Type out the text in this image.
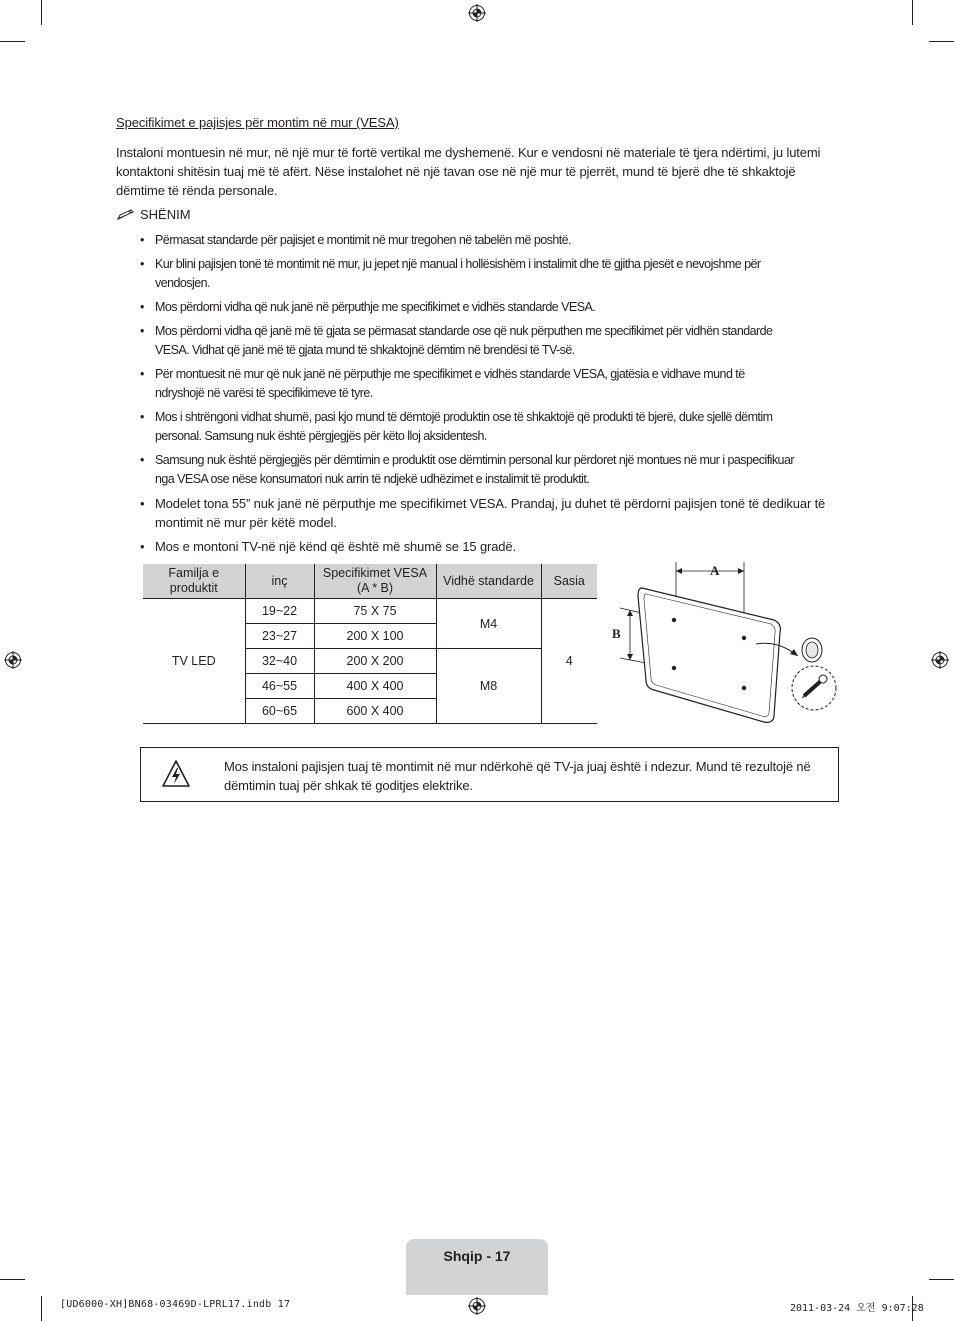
Specifikimet e pajisjes për montim në mur (VESA)
Instaloni montuesin në mur, në një mur të fortë vertikal me dyshemenë. Kur e vendosni në materiale të tjera ndërtimi, ju lutemi kontaktoni shitësin tuaj më të afërt. Nëse instalohet në një tavan ose në një mur të pjerrët, mund të bjerë dhe të shkaktojë dëmtime të rënda personale.
SHËNIM
• Përmasat standarde për pajisjet e montimit në mur tregohen në tabelën më poshtë.
• Kur blini pajisjen tonë të montimit në mur, ju jepet një manual i hollësishëm i instalimit dhe të gjitha pjesët e nevojshme për vendosjen.
• Mos përdorni vidha që nuk janë në përputhje me specifikimet e vidhës standarde VESA.
• Mos përdorni vidha që janë më të gjata se përmasat standarde ose që nuk përputhen me specifikimet për vidhën standarde VESA. Vidhat që janë më të gjata mund të shkaktojnë dëmtim në brendësi të TV-së.
• Për montuesit në mur që nuk janë në përputhje me specifikimet e vidhës standarde VESA, gjatësia e vidhave mund të ndryshojë në varësi të specifikimeve të tyre.
• Mos i shtrëngoni vidhat shumë, pasi kjo mund të dëmtojë produktin ose të shkaktojë që produkti të bjerë, duke sjellë dëmtim personal. Samsung nuk është përgjegjës për këto lloj aksidentesh.
• Samsung nuk është përgjegjës për dëmtimin e produktit ose dëmtimin personal kur përdoret një montues në mur i paspecifikuar nga VESA ose nëse konsumatori nuk arrin të ndjekë udhëzimet e instalimit të produktit.
• Modelet tona 55” nuk janë në përputhje me specifikimet VESA. Prandaj, ju duhet të përdorni pajisjen tonë të dedikuar të montimit në mur për këtë model.
• Mos e montoni TV-në një kënd që është më shumë se 15 gradë.
Familja e produktit	inç	Specifikimet VESA (A * B)	Vidhë standarde	Sasia
TV LED	19~22	75 X 75	M4	4
	23~27	200 X 100		
	32~40	200 X 200	M8	
	46~55	400 X 400		
	60~65	600 X 400		
A
B
Mos instaloni pajisjen tuaj të montimit në mur ndërkohë që TV-ja juaj është i ndezur. Mund të rezultojë në dëmtimin tuaj për shkak të goditjes elektrike.
Shqip - 17
[UD6000-XH]BN68-03469D-LPRL17.indb 17	2011-03-24 오전 9:07:28
